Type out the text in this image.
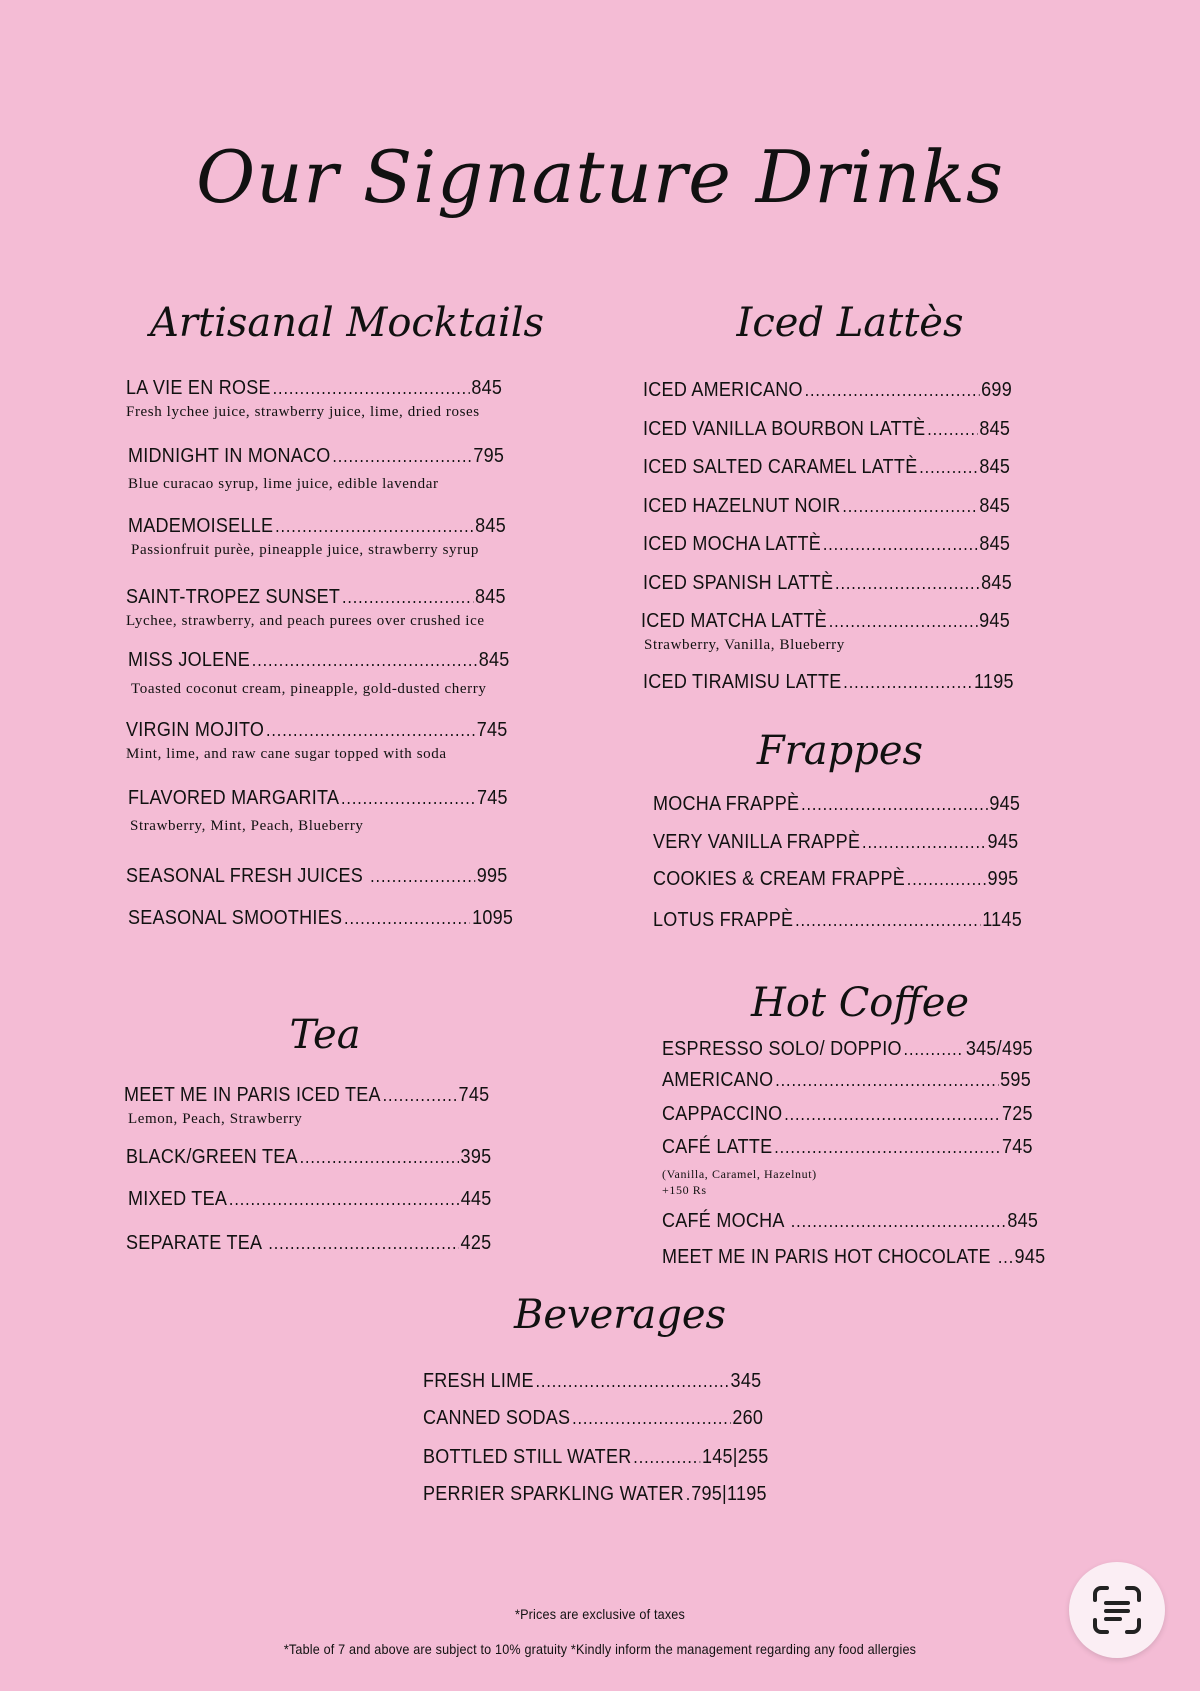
Our Signature Drinks
Artisanal Mocktails
LA VIE EN ROSE .....	845
Fresh lychee juice, strawberry juice, lime, dried roses
MIDNIGHT IN MONACO .....	795
Blue curacao syrup, lime juice, edible lavendar
MADEMOISELLE .....	845
Passionfruit purèe, pineapple juice, strawberry syrup
SAINT-TROPEZ SUNSET .....	845
Lychee, strawberry, and peach purees over crushed ice
MISS JOLENE .....	845
Toasted coconut cream, pineapple, gold-dusted cherry
VIRGIN MOJITO .....	745
Mint, lime, and raw cane sugar topped with soda
FLAVORED MARGARITA .....	745
Strawberry, Mint, Peach, Blueberry
SEASONAL FRESH JUICES .....	995
SEASONAL SMOOTHIES .....	1095
Iced Lattès
ICED AMERICANO .....	699
ICED VANILLA BOURBON LATTÈ .....	845
ICED SALTED CARAMEL LATTÈ .....	845
ICED HAZELNUT NOIR .....	845
ICED MOCHA LATTÈ .....	845
ICED SPANISH LATTÈ .....	845
ICED MATCHA LATTÈ .....	945
Strawberry, Vanilla, Blueberry
ICED TIRAMISU LATTE .....	1195
Frappes
MOCHA FRAPPÈ .....	945
VERY VANILLA FRAPPÈ .....	945
COOKIES & CREAM FRAPPÈ .....	995
LOTUS FRAPPÈ .....	1145
Tea
MEET ME IN PARIS ICED TEA .....	745
Lemon, Peach, Strawberry
BLACK/GREEN TEA .....	395
MIXED TEA .....	445
SEPARATE TEA .....	425
Hot Coffee
ESPRESSO SOLO/ DOPPIO .....	345/495
AMERICANO .....	595
CAPPACCINO .....	725
CAFÉ LATTE .....	745
(Vanilla, Caramel, Hazelnut)
+150 Rs
CAFÉ MOCHA .....	845
MEET ME IN PARIS HOT CHOCOLATE ..... 945
Beverages
FRESH LIME .....	345
CANNED SODAS .....	260
BOTTLED STILL WATER .....	145|255
PERRIER SPARKLING WATER ..... 795|1195
*Prices are exclusive of taxes
*Table of 7 and above are subject to 10% gratuity *Kindly inform the management regarding any food allergies
